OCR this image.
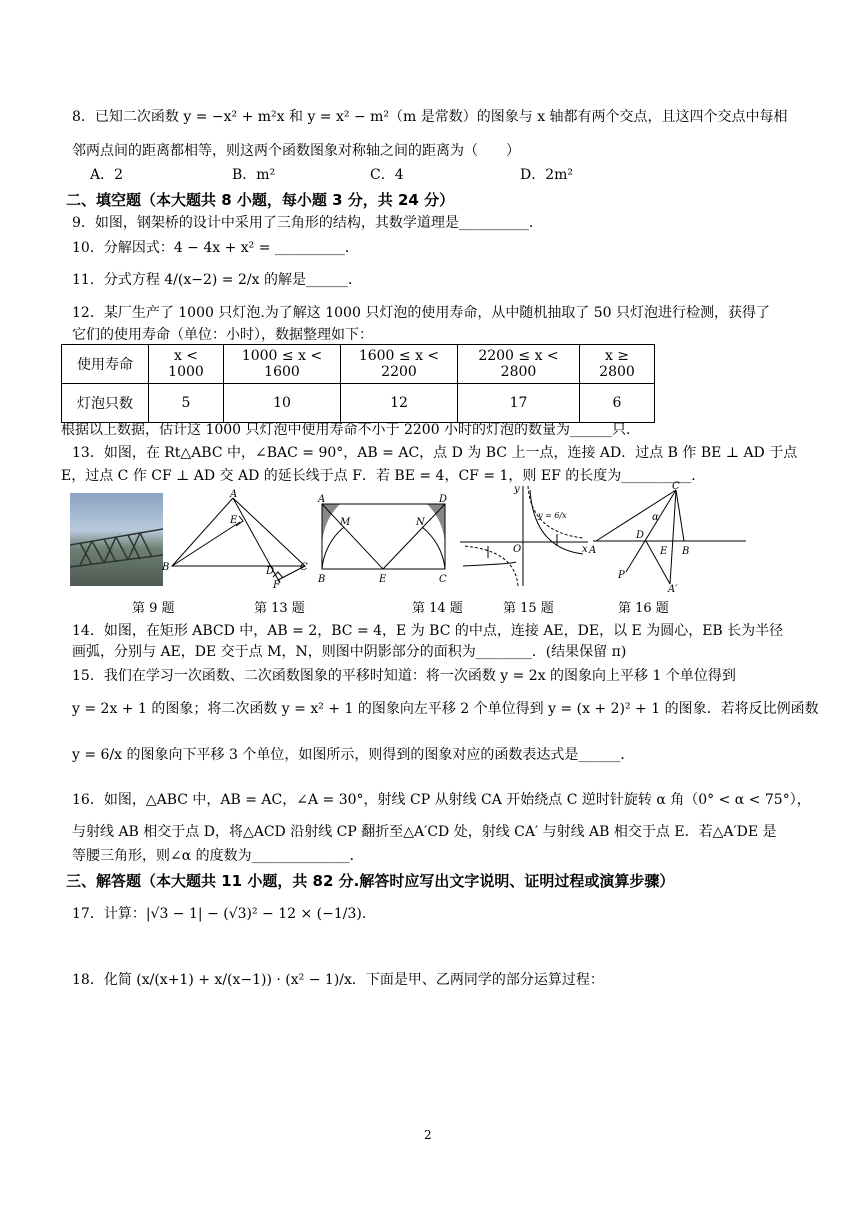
8．已知二次函数 y = −x² + m²x 和 y = x² − m²（m 是常数）的图象与 x 轴都有两个交点，且这四个交点中每相
邻两点间的距离都相等，则这两个函数图象对称轴之间的距离为（　　）
A．2	B．m²	C．4	D．2m²
二、填空题（本大题共 8 小题，每小题 3 分，共 24 分）
9．如图，钢架桥的设计中采用了三角形的结构，其数学道理是__________．
10．分解因式：4 − 4x + x² = __________．
11．分式方程 4/(x−2) = 2/x 的解是______．
12．某厂生产了 1000 只灯泡.为了解这 1000 只灯泡的使用寿命，从中随机抽取了 50 只灯泡进行检测，获得了
它们的使用寿命（单位：小时），数据整理如下：
使用寿命	x < 1000	1000 ≤ x < 1600	1600 ≤ x < 2200	2200 ≤ x < 2800	x ≥ 2800
灯泡只数	5	10	12	17	6
根据以上数据，估计这 1000 只灯泡中使用寿命不小于 2200 小时的灯泡的数量为______只．
13．如图，在 Rt△ABC 中，∠BAC = 90°，AB = AC，点 D 为 BC 上一点，连接 AD．过点 B 作 BE ⊥ AD 于点
E，过点 C 作 CF ⊥ AD 交 AD 的延长线于点 F．若 BE = 4，CF = 1，则 EF 的长度为__________．
A
E
B	D	C
F
A	D
M	N
B	E	C
y
O	x
y = 6/x
C
α
D
E B
A
P
A′
第 9 题	第 13 题	第 14 题	第 15 题	第 16 题
14．如图，在矩形 ABCD 中，AB = 2，BC = 4，E 为 BC 的中点，连接 AE，DE，以 E 为圆心，EB 长为半径
画弧，分别与 AE，DE 交于点 M，N，则图中阴影部分的面积为________．(结果保留 π)
15．我们在学习一次函数、二次函数图象的平移时知道：将一次函数 y = 2x 的图象向上平移 1 个单位得到
y = 2x + 1 的图象；将二次函数 y = x² + 1 的图象向左平移 2 个单位得到 y = (x + 2)² + 1 的图象．若将反比例函数
y = 6/x 的图象向下平移 3 个单位，如图所示，则得到的图象对应的函数表达式是______．
16．如图，△ABC 中，AB = AC，∠A = 30°，射线 CP 从射线 CA 开始绕点 C 逆时针旋转 α 角（0° < α < 75°），
与射线 AB 相交于点 D，将△ACD 沿射线 CP 翻折至△A′CD 处，射线 CA′ 与射线 AB 相交于点 E．若△A′DE 是
等腰三角形，则∠α 的度数为______________．
三、解答题（本大题共 11 小题，共 82 分.解答时应写出文字说明、证明过程或演算步骤）
17．计算：|√3 − 1| − (√3)² − 12 × (−1/3)．
18．化简 (x/(x+1) + x/(x−1)) · (x² − 1)/x．下面是甲、乙两同学的部分运算过程：
2
